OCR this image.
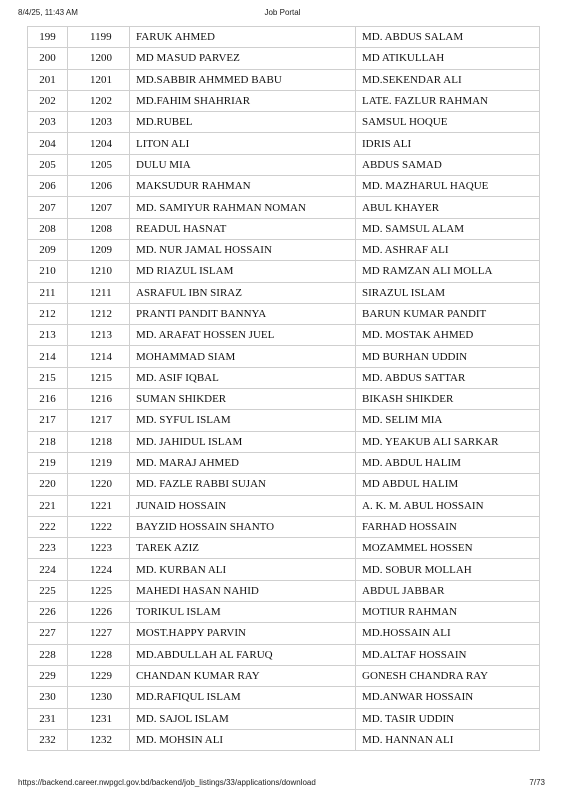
8/4/25, 11:43 AM	Job Portal
199	1199	FARUK AHMED	MD. ABDUS SALAM
200	1200	MD MASUD PARVEZ	MD ATIKULLAH
201	1201	MD.SABBIR AHMMED BABU	MD.SEKENDAR ALI
202	1202	MD.FAHIM SHAHRIAR	LATE. FAZLUR RAHMAN
203	1203	MD.RUBEL	SAMSUL HOQUE
204	1204	LITON ALI	IDRIS ALI
205	1205	DULU MIA	ABDUS SAMAD
206	1206	MAKSUDUR RAHMAN	MD. MAZHARUL HAQUE
207	1207	MD. SAMIYUR RAHMAN NOMAN	ABUL KHAYER
208	1208	READUL HASNAT	MD. SAMSUL ALAM
209	1209	MD. NUR JAMAL HOSSAIN	MD. ASHRAF ALI
210	1210	MD RIAZUL ISLAM	MD RAMZAN ALI MOLLA
211	1211	ASRAFUL IBN SIRAZ	SIRAZUL ISLAM
212	1212	PRANTI PANDIT BANNYA	BARUN KUMAR PANDIT
213	1213	MD. ARAFAT HOSSEN JUEL	MD. MOSTAK AHMED
214	1214	MOHAMMAD SIAM	MD BURHAN UDDIN
215	1215	MD. ASIF IQBAL	MD. ABDUS SATTAR
216	1216	SUMAN SHIKDER	BIKASH SHIKDER
217	1217	MD. SYFUL ISLAM	MD. SELIM MIA
218	1218	MD. JAHIDUL ISLAM	MD. YEAKUB ALI SARKAR
219	1219	MD. MARAJ AHMED	MD. ABDUL HALIM
220	1220	MD. FAZLE RABBI SUJAN	MD ABDUL HALIM
221	1221	JUNAID HOSSAIN	A. K. M. ABUL HOSSAIN
222	1222	BAYZID HOSSAIN SHANTO	FARHAD HOSSAIN
223	1223	TAREK AZIZ	MOZAMMEL HOSSEN
224	1224	MD. KURBAN ALI	MD. SOBUR MOLLAH
225	1225	MAHEDI HASAN NAHID	ABDUL JABBAR
226	1226	TORIKUL ISLAM	MOTIUR RAHMAN
227	1227	MOST.HAPPY PARVIN	MD.HOSSAIN ALI
228	1228	MD.ABDULLAH AL FARUQ	MD.ALTAF HOSSAIN
229	1229	CHANDAN KUMAR RAY	GONESH CHANDRA RAY
230	1230	MD.RAFIQUL ISLAM	MD.ANWAR HOSSAIN
231	1231	MD. SAJOL ISLAM	MD. TASIR UDDIN
232	1232	MD. MOHSIN ALI	MD. HANNAN ALI
https://backend.career.nwpgcl.gov.bd/backend/job_listings/33/applications/download	7/73
